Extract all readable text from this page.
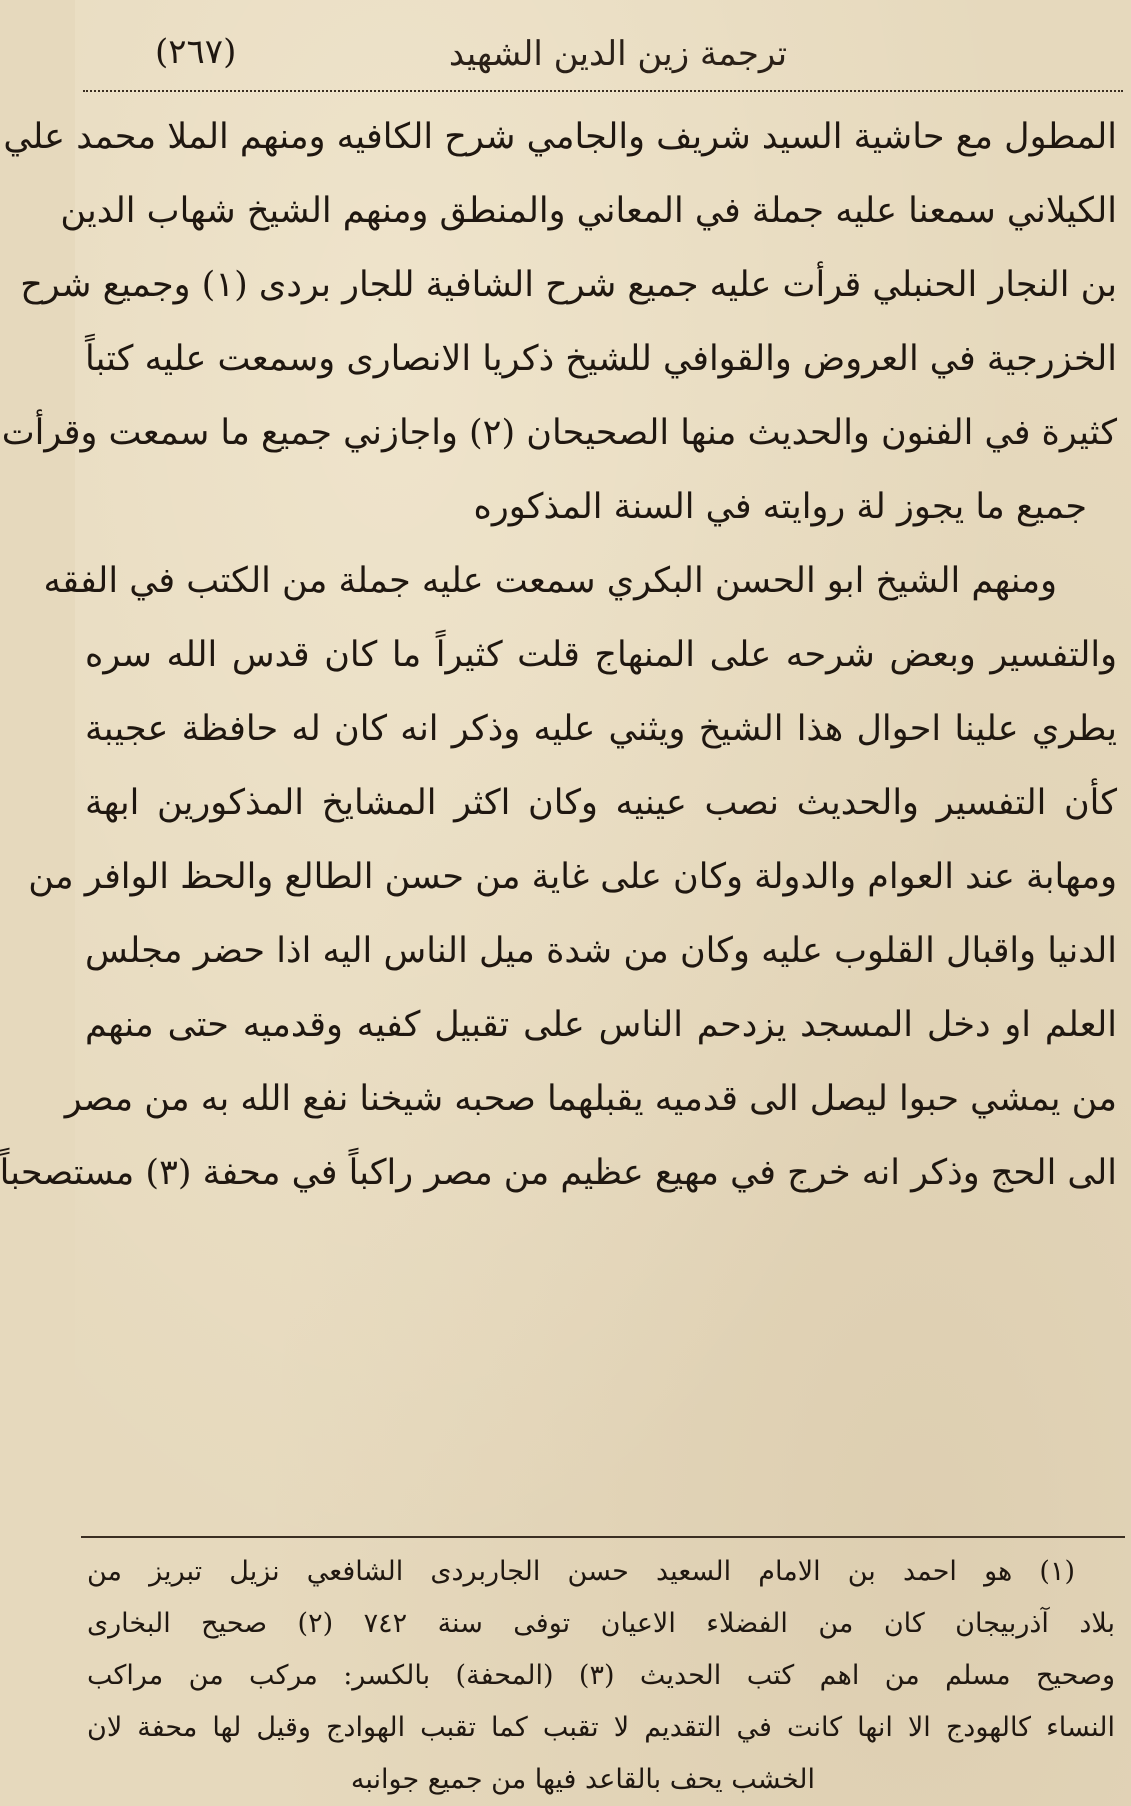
(٢٦٧)	ترجمة زين الدين الشهيد
المطول مع حاشية السيد شريف والجامي شرح الكافيه ومنهم الملا محمد علي
الكيلاني سمعنا عليه جملة في المعاني والمنطق ومنهم الشيخ شهاب الدين
بن النجار الحنبلي قرأت عليه جميع شرح الشافية للجار بردى (١) وجميع شرح
الخزرجية في العروض والقوافي للشيخ ذكريا الانصارى وسمعت عليه كتباً
كثيرة في الفنون والحديث منها الصحيحان (٢) واجازني جميع ما سمعت وقرأت
جميع ما يجوز لة روايته في السنة المذكوره
ومنهم الشيخ ابو الحسن البكري سمعت عليه جملة من الكتب في الفقه
والتفسير وبعض شرحه على المنهاج قلت كثيراً ما كان قدس الله سره
يطري علينا احوال هذا الشيخ ويثني عليه وذكر انه كان له حافظة عجيبة
كأن التفسير والحديث نصب عينيه وكان اكثر المشايخ المذكورين ابهة
ومهابة عند العوام والدولة وكان على غاية من حسن الطالع والحظ الوافر من
الدنيا واقبال القلوب عليه وكان من شدة ميل الناس اليه اذا حضر مجلس
العلم او دخل المسجد يزدحم الناس على تقبيل كفيه وقدميه حتى منهم
من يمشي حبوا ليصل الى قدميه يقبلهما صحبه شيخنا نفع الله به من مصر
الى الحج وذكر انه خرج في مهيع عظيم من مصر راكباً في محفة (٣) مستصحباً
(١) هو احمد بن الامام السعيد حسن الجاربردى الشافعي نزيل تبريز من
بلاد آذربيجان كان من الفضلاء الاعيان توفى سنة ٧٤٢ (٢) صحيح البخارى
وصحيح مسلم من اهم كتب الحديث (٣) (المحفة) بالكسر: مركب من مراكب
النساء كالهودج الا انها كانت في التقديم لا تقبب كما تقبب الهوادج وقيل لها محفة لان
الخشب يحف بالقاعد فيها من جميع جوانبه
